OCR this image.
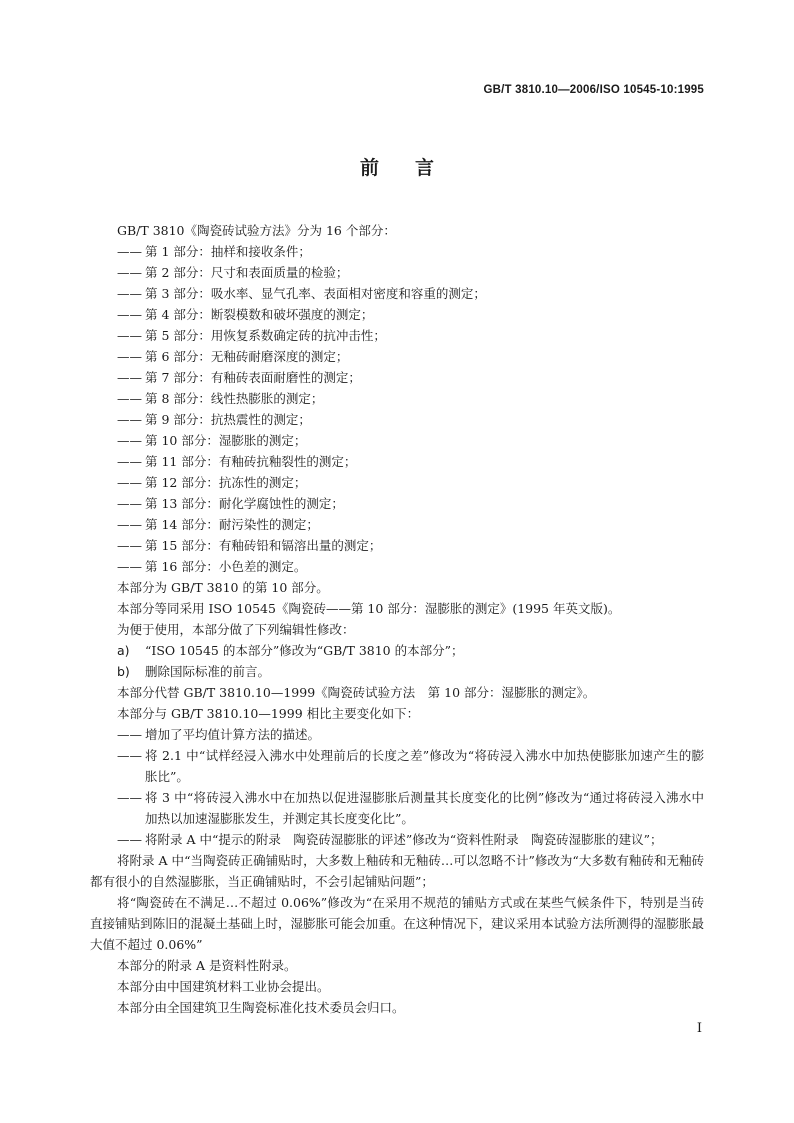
GB/T 3810.10—2006/ISO 10545-10:1995
前言
GB/T 3810《陶瓷砖试验方法》分为 16 个部分：
—— 第 1 部分：抽样和接收条件；
—— 第 2 部分：尺寸和表面质量的检验；
—— 第 3 部分：吸水率、显气孔率、表面相对密度和容重的测定；
—— 第 4 部分：断裂模数和破坏强度的测定；
—— 第 5 部分：用恢复系数确定砖的抗冲击性；
—— 第 6 部分：无釉砖耐磨深度的测定；
—— 第 7 部分：有釉砖表面耐磨性的测定；
—— 第 8 部分：线性热膨胀的测定；
—— 第 9 部分：抗热震性的测定；
—— 第 10 部分：湿膨胀的测定；
—— 第 11 部分：有釉砖抗釉裂性的测定；
—— 第 12 部分：抗冻性的测定；
—— 第 13 部分：耐化学腐蚀性的测定；
—— 第 14 部分：耐污染性的测定；
—— 第 15 部分：有釉砖铅和镉溶出量的测定；
—— 第 16 部分：小色差的测定。
本部分为 GB/T 3810 的第 10 部分。
本部分等同采用 ISO 10545《陶瓷砖——第 10 部分：湿膨胀的测定》(1995 年英文版)。
为便于使用，本部分做了下列编辑性修改：
a) “ISO 10545 的本部分”修改为“GB/T 3810 的本部分”；
b) 删除国际标准的前言。
本部分代替 GB/T 3810.10—1999《陶瓷砖试验方法　第 10 部分：湿膨胀的测定》。
本部分与 GB/T 3810.10—1999 相比主要变化如下：
—— 增加了平均值计算方法的描述。
—— 将 2.1 中“试样经浸入沸水中处理前后的长度之差”修改为“将砖浸入沸水中加热使膨胀加速产生的膨胀比”。
—— 将 3 中“将砖浸入沸水中在加热以促进湿膨胀后测量其长度变化的比例”修改为“通过将砖浸入沸水中加热以加速湿膨胀发生，并测定其长度变化比”。
—— 将附录 A 中“提示的附录　陶瓷砖湿膨胀的评述”修改为“资料性附录　陶瓷砖湿膨胀的建议”；
将附录 A 中“当陶瓷砖正确铺贴时，大多数上釉砖和无釉砖…可以忽略不计”修改为“大多数有釉砖和无釉砖都有很小的自然湿膨胀，当正确铺贴时，不会引起铺贴问题”；
将“陶瓷砖在不满足…不超过 0.06%”修改为“在采用不规范的铺贴方式或在某些气候条件下，特别是当砖直接铺贴到陈旧的混凝土基础上时，湿膨胀可能会加重。在这种情况下，建议采用本试验方法所测得的湿膨胀最大值不超过 0.06%”
本部分的附录 A 是资料性附录。
本部分由中国建筑材料工业协会提出。
本部分由全国建筑卫生陶瓷标准化技术委员会归口。
I
